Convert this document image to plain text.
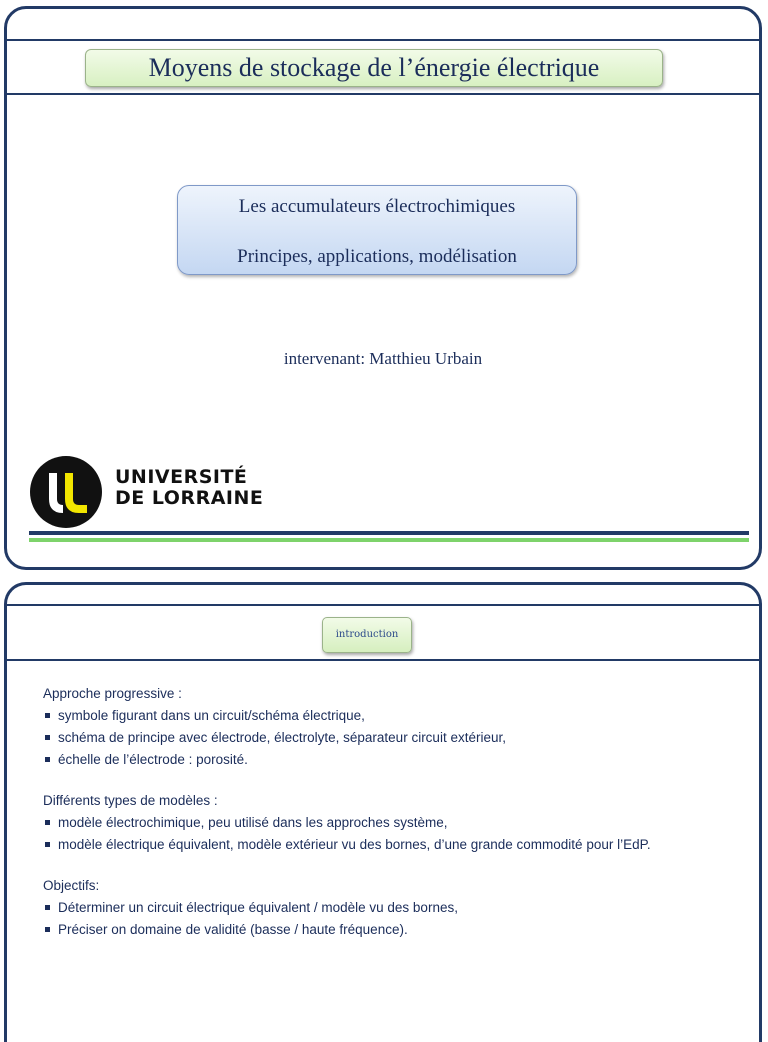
Moyens de stockage de l’énergie électrique
Les accumulateurs électrochimiques
Principes, applications, modélisation
intervenant: Matthieu Urbain
UNIVERSITÉ
DE LORRAINE
introduction

Approche progressive :

symbole figurant dans un circuit/schéma électrique,
schéma de principe avec électrode, électrolyte, séparateur circuit extérieur,
échelle de l’électrode : porosité.

Différents types de modèles :

modèle électrochimique, peu utilisé dans les approches système,
modèle électrique équivalent, modèle extérieur vu des bornes, d’une grande commodité pour l’EdP.

Objectifs:

Déterminer un circuit électrique équivalent / modèle vu des bornes,
Préciser on domaine de validité (basse / haute fréquence).
